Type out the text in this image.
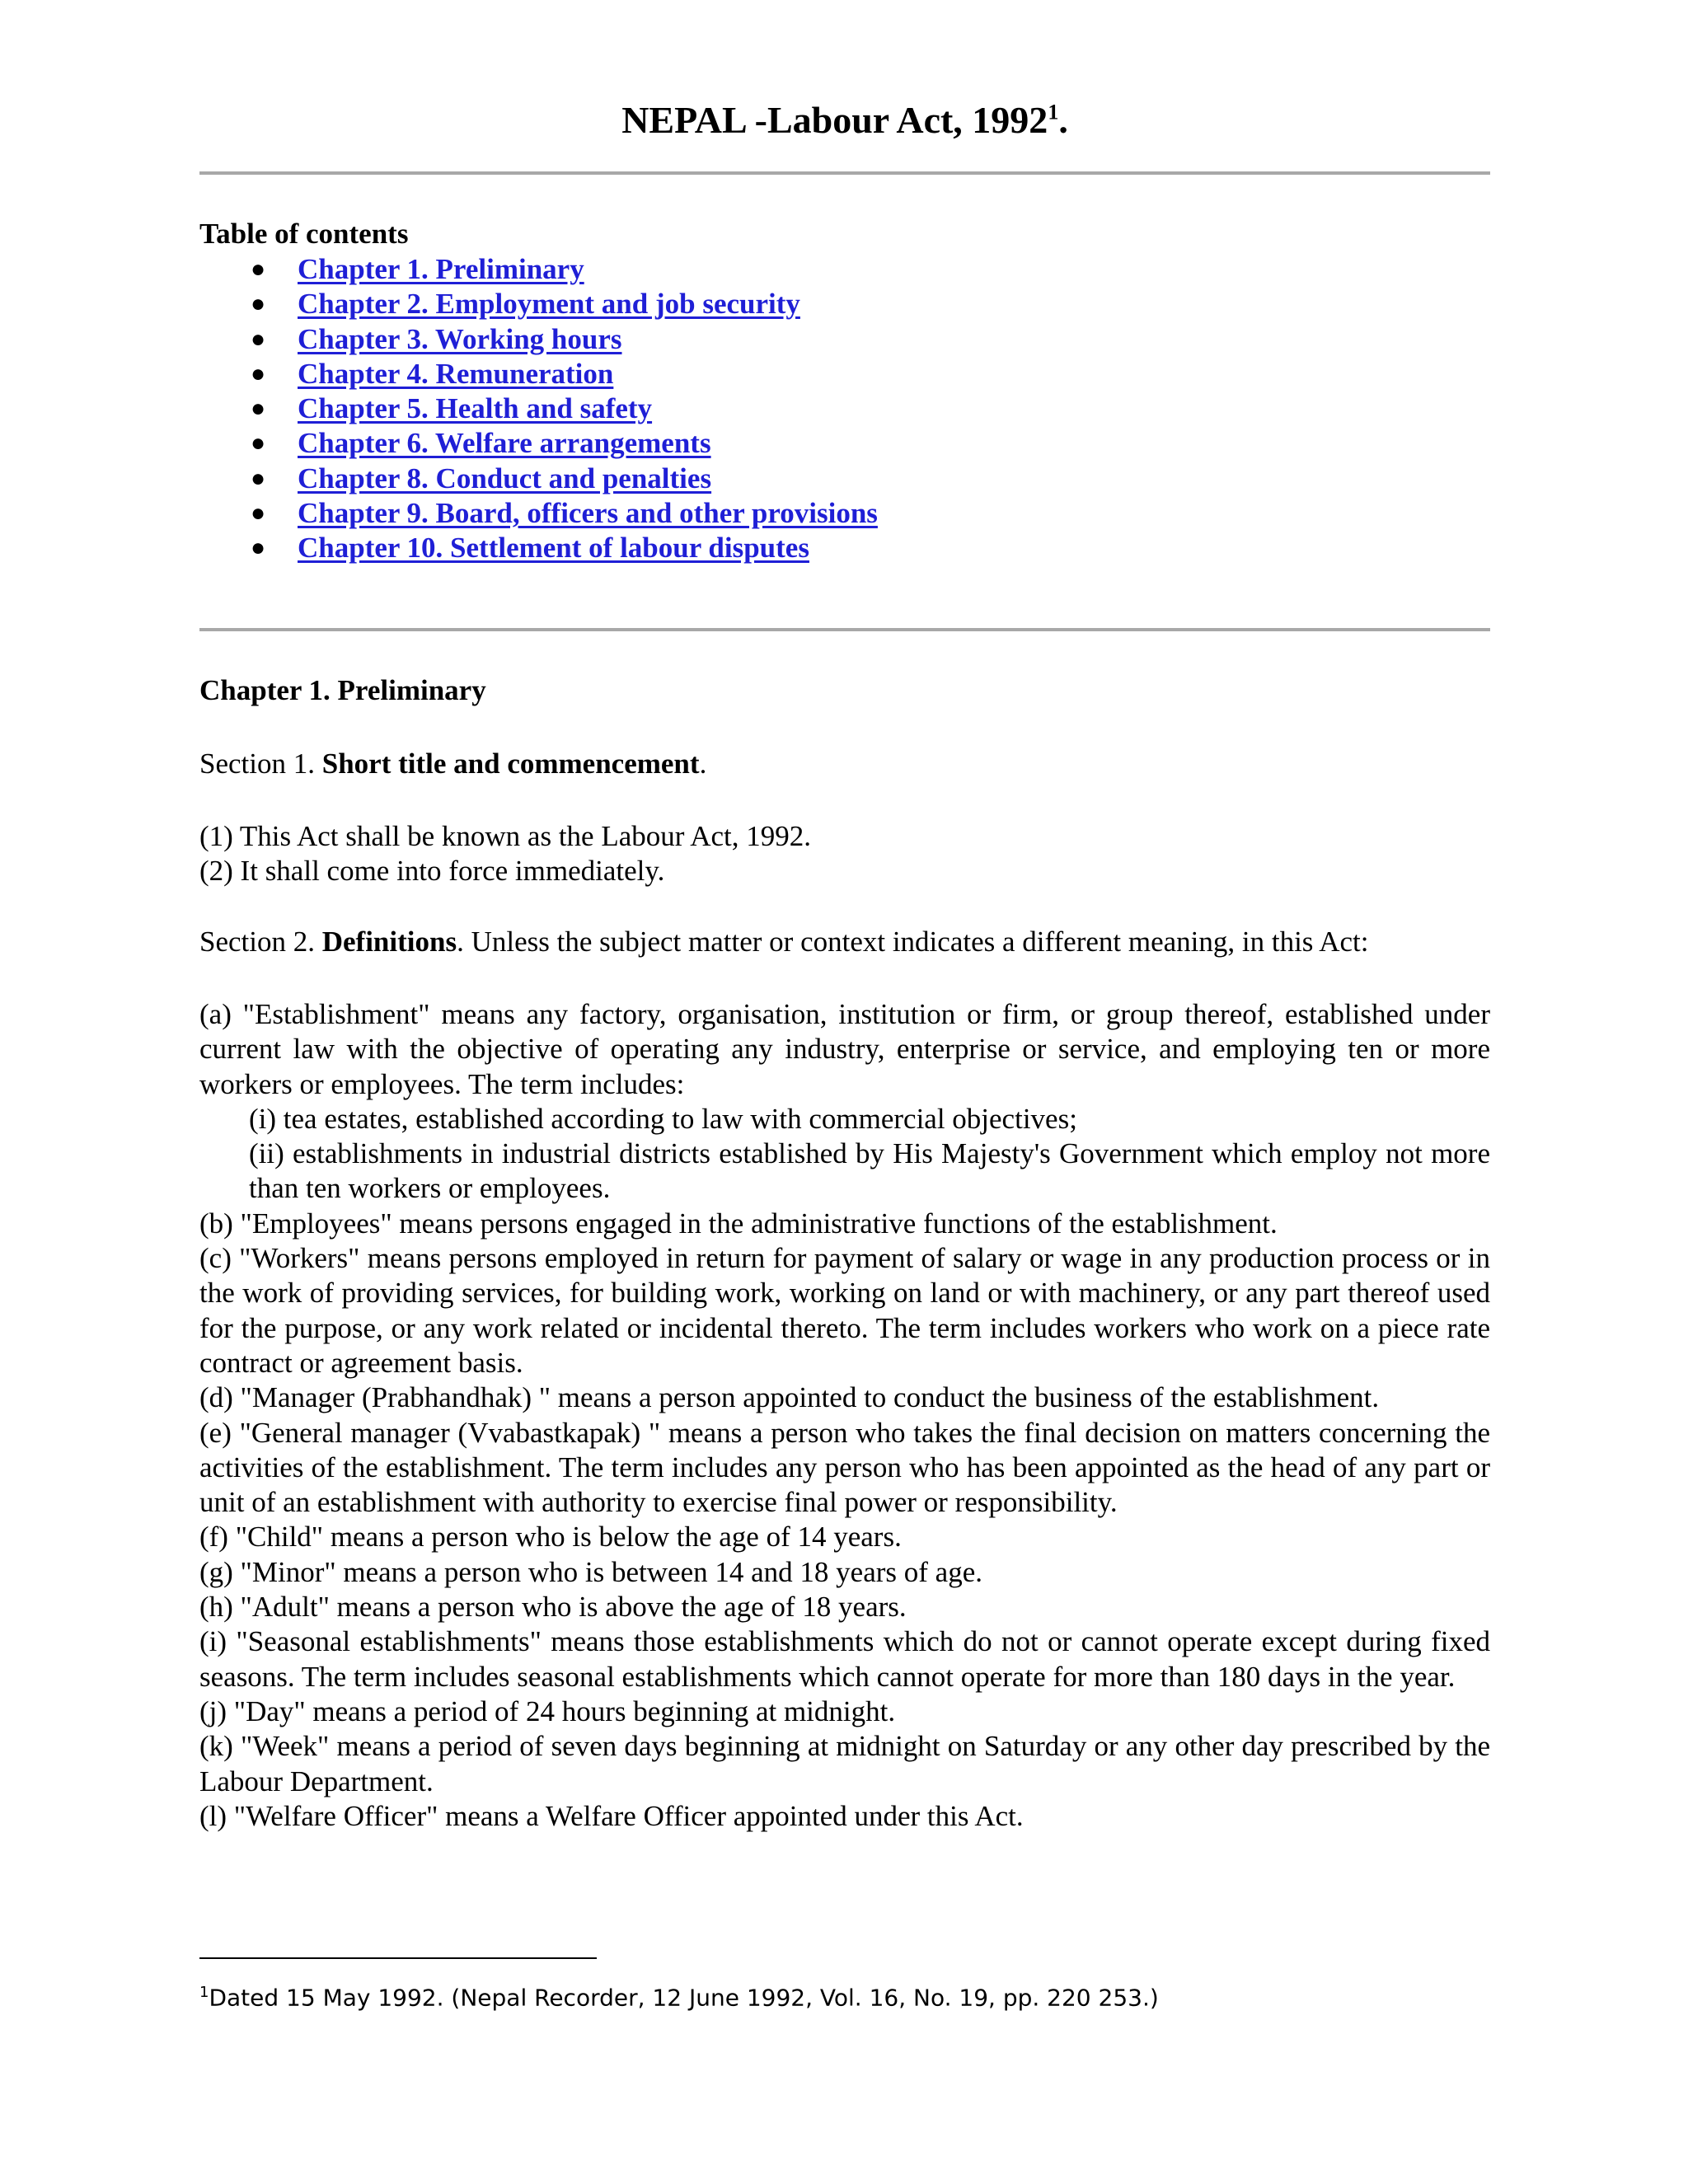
NEPAL -Labour Act, 1992$^1$.
Table of contents
● Chapter 1. Preliminary
● Chapter 2. Employment and job security
● Chapter 3. Working hours
● Chapter 4. Remuneration
● Chapter 5. Health and safety
● Chapter 6. Welfare arrangements
● Chapter 8. Conduct and penalties
● Chapter 9. Board, officers and other provisions
● Chapter 10. Settlement of labour disputes
Chapter 1. Preliminary
Section 1. Short title and commencement.

(1) This Act shall be known as the Labour Act, 1992.

(2) It shall come into force immediately.

Section 2. Definitions. Unless the subject matter or context indicates a different meaning, in this Act:

(a) "Establishment" means any factory, organisation, institution or firm, or group thereof, established under current law with the objective of operating any industry, enterprise or service, and employing ten or more workers or employees. The term includes:

(i) tea estates, established according to law with commercial objectives;

(ii) establishments in industrial districts established by His Majesty's Government which employ not more than ten workers or employees.

(b) "Employees" means persons engaged in the administrative functions of the establishment.

(c) "Workers" means persons employed in return for payment of salary or wage in any production process or in the work of providing services, for building work, working on land or with machinery, or any part thereof used for the purpose, or any work related or incidental thereto. The term includes workers who work on a piece rate contract or agreement basis.

(d) "Manager (Prabhandhak) " means a person appointed to conduct the business of the establishment.

(e) "General manager (Vvabastkapak) " means a person who takes the final decision on matters concerning the activities of the establishment. The term includes any person who has been appointed as the head of any part or unit of an establishment with authority to exercise final power or responsibility.

(f) "Child" means a person who is below the age of 14 years.

(g) "Minor" means a person who is between 14 and 18 years of age.

(h) "Adult" means a person who is above the age of 18 years.

(i) "Seasonal establishments" means those establishments which do not or cannot operate except during fixed seasons. The term includes seasonal establishments which cannot operate for more than 180 days in the year.

(j) "Day" means a period of 24 hours beginning at midnight.

(k) "Week" means a period of seven days beginning at midnight on Saturday or any other day prescribed by the Labour Department.

(l) "Welfare Officer" means a Welfare Officer appointed under this Act.

$^1$Dated 15 May 1992. (Nepal Recorder, 12 June 1992, Vol. 16, No. 19, pp. 220 253.)
